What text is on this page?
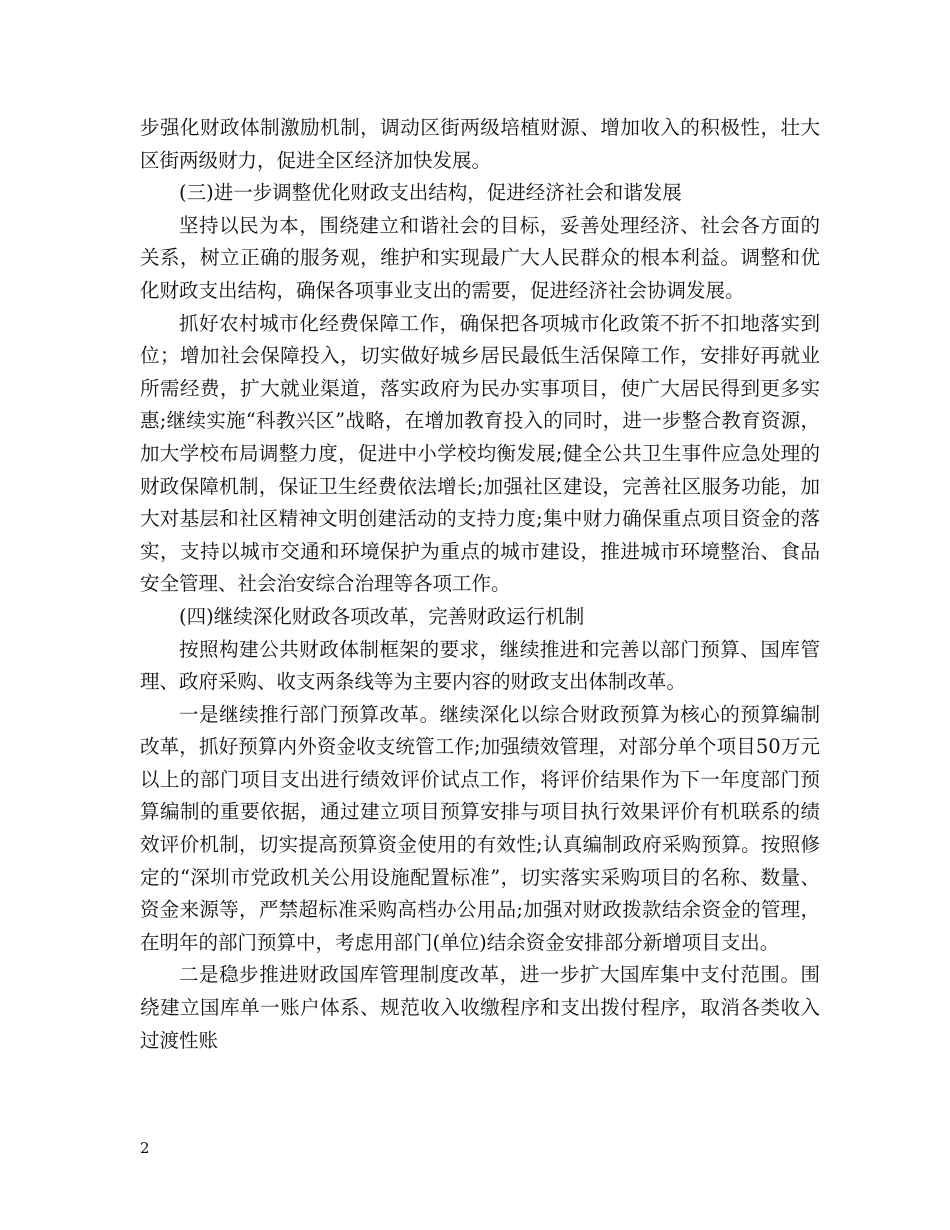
步强化财政体制激励机制，调动区街两级培植财源、增加收入的积极性，壮大区街两级财力，促进全区经济加快发展。

(三)进一步调整优化财政支出结构，促进经济社会和谐发展

坚持以民为本，围绕建立和谐社会的目标，妥善处理经济、社会各方面的关系，树立正确的服务观，维护和实现最广大人民群众的根本利益。调整和优化财政支出结构，确保各项事业支出的需要，促进经济社会协调发展。

抓好农村城市化经费保障工作，确保把各项城市化政策不折不扣地落实到位；增加社会保障投入，切实做好城乡居民最低生活保障工作，安排好再就业所需经费，扩大就业渠道，落实政府为民办实事项目，使广大居民得到更多实惠;继续实施“科教兴区”战略，在增加教育投入的同时，进一步整合教育资源，加大学校布局调整力度，促进中小学校均衡发展;健全公共卫生事件应急处理的财政保障机制，保证卫生经费依法增长;加强社区建设，完善社区服务功能，加大对基层和社区精神文明创建活动的支持力度;集中财力确保重点项目资金的落实，支持以城市交通和环境保护为重点的城市建设，推进城市环境整治、食品安全管理、社会治安综合治理等各项工作。

(四)继续深化财政各项改革，完善财政运行机制

按照构建公共财政体制框架的要求，继续推进和完善以部门预算、国库管理、政府采购、收支两条线等为主要内容的财政支出体制改革。

一是继续推行部门预算改革。继续深化以综合财政预算为核心的预算编制改革，抓好预算内外资金收支统管工作;加强绩效管理，对部分单个项目50万元以上的部门项目支出进行绩效评价试点工作，将评价结果作为下一年度部门预算编制的重要依据，通过建立项目预算安排与项目执行效果评价有机联系的绩效评价机制，切实提高预算资金使用的有效性;认真编制政府采购预算。按照修定的“深圳市党政机关公用设施配置标准”，切实落实采购项目的名称、数量、资金来源等，严禁超标准采购高档办公用品;加强对财政拨款结余资金的管理，在明年的部门预算中，考虑用部门(单位)结余资金安排部分新增项目支出。

二是稳步推进财政国库管理制度改革，进一步扩大国库集中支付范围。围绕建立国库单一账户体系、规范收入收缴程序和支出拨付程序，取消各类收入过渡性账

2
